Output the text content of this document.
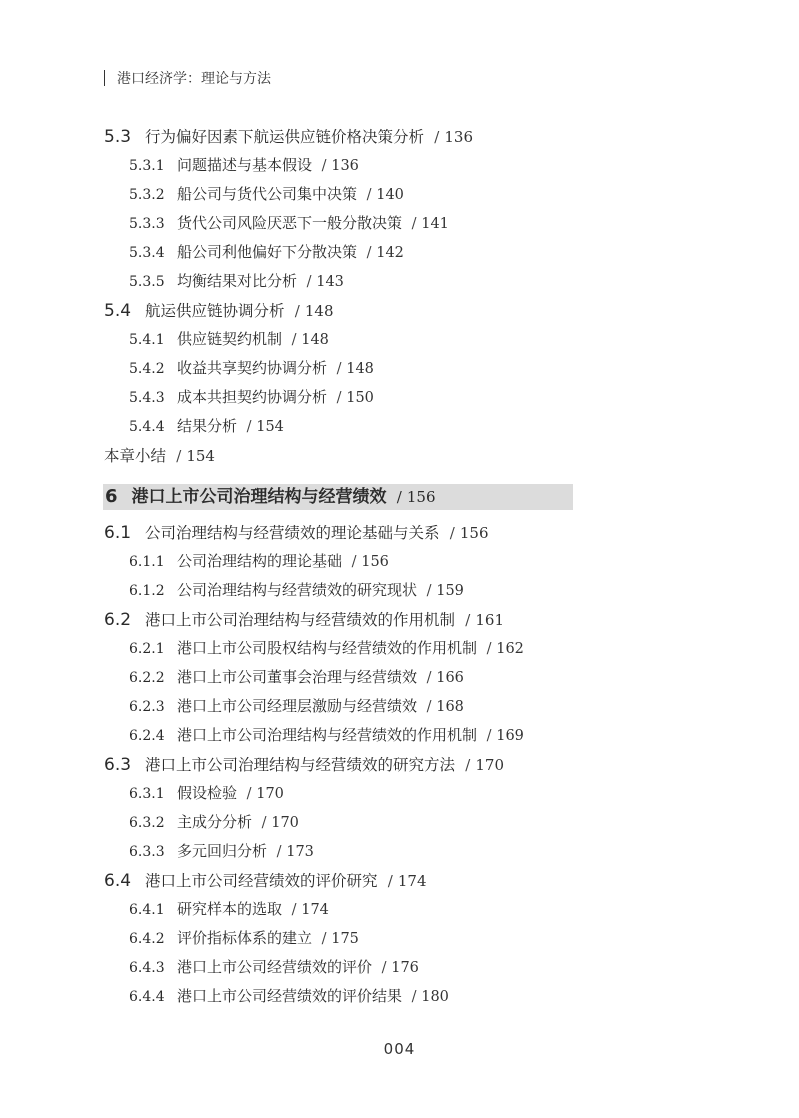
港口经济学：理论与方法
5.3 行为偏好因素下航运供应链价格决策分析 / 136
5.3.1 问题描述与基本假设 / 136
5.3.2 船公司与货代公司集中决策 / 140
5.3.3 货代公司风险厌恶下一般分散决策 / 141
5.3.4 船公司利他偏好下分散决策 / 142
5.3.5 均衡结果对比分析 / 143
5.4 航运供应链协调分析 / 148
5.4.1 供应链契约机制 / 148
5.4.2 收益共享契约协调分析 / 148
5.4.3 成本共担契约协调分析 / 150
5.4.4 结果分析 / 154
本章小结 / 154
6 港口上市公司治理结构与经营绩效 / 156
6.1 公司治理结构与经营绩效的理论基础与关系 / 156
6.1.1 公司治理结构的理论基础 / 156
6.1.2 公司治理结构与经营绩效的研究现状 / 159
6.2 港口上市公司治理结构与经营绩效的作用机制 / 161
6.2.1 港口上市公司股权结构与经营绩效的作用机制 / 162
6.2.2 港口上市公司董事会治理与经营绩效 / 166
6.2.3 港口上市公司经理层激励与经营绩效 / 168
6.2.4 港口上市公司治理结构与经营绩效的作用机制 / 169
6.3 港口上市公司治理结构与经营绩效的研究方法 / 170
6.3.1 假设检验 / 170
6.3.2 主成分分析 / 170
6.3.3 多元回归分析 / 173
6.4 港口上市公司经营绩效的评价研究 / 174
6.4.1 研究样本的选取 / 174
6.4.2 评价指标体系的建立 / 175
6.4.3 港口上市公司经营绩效的评价 / 176
6.4.4 港口上市公司经营绩效的评价结果 / 180
004
